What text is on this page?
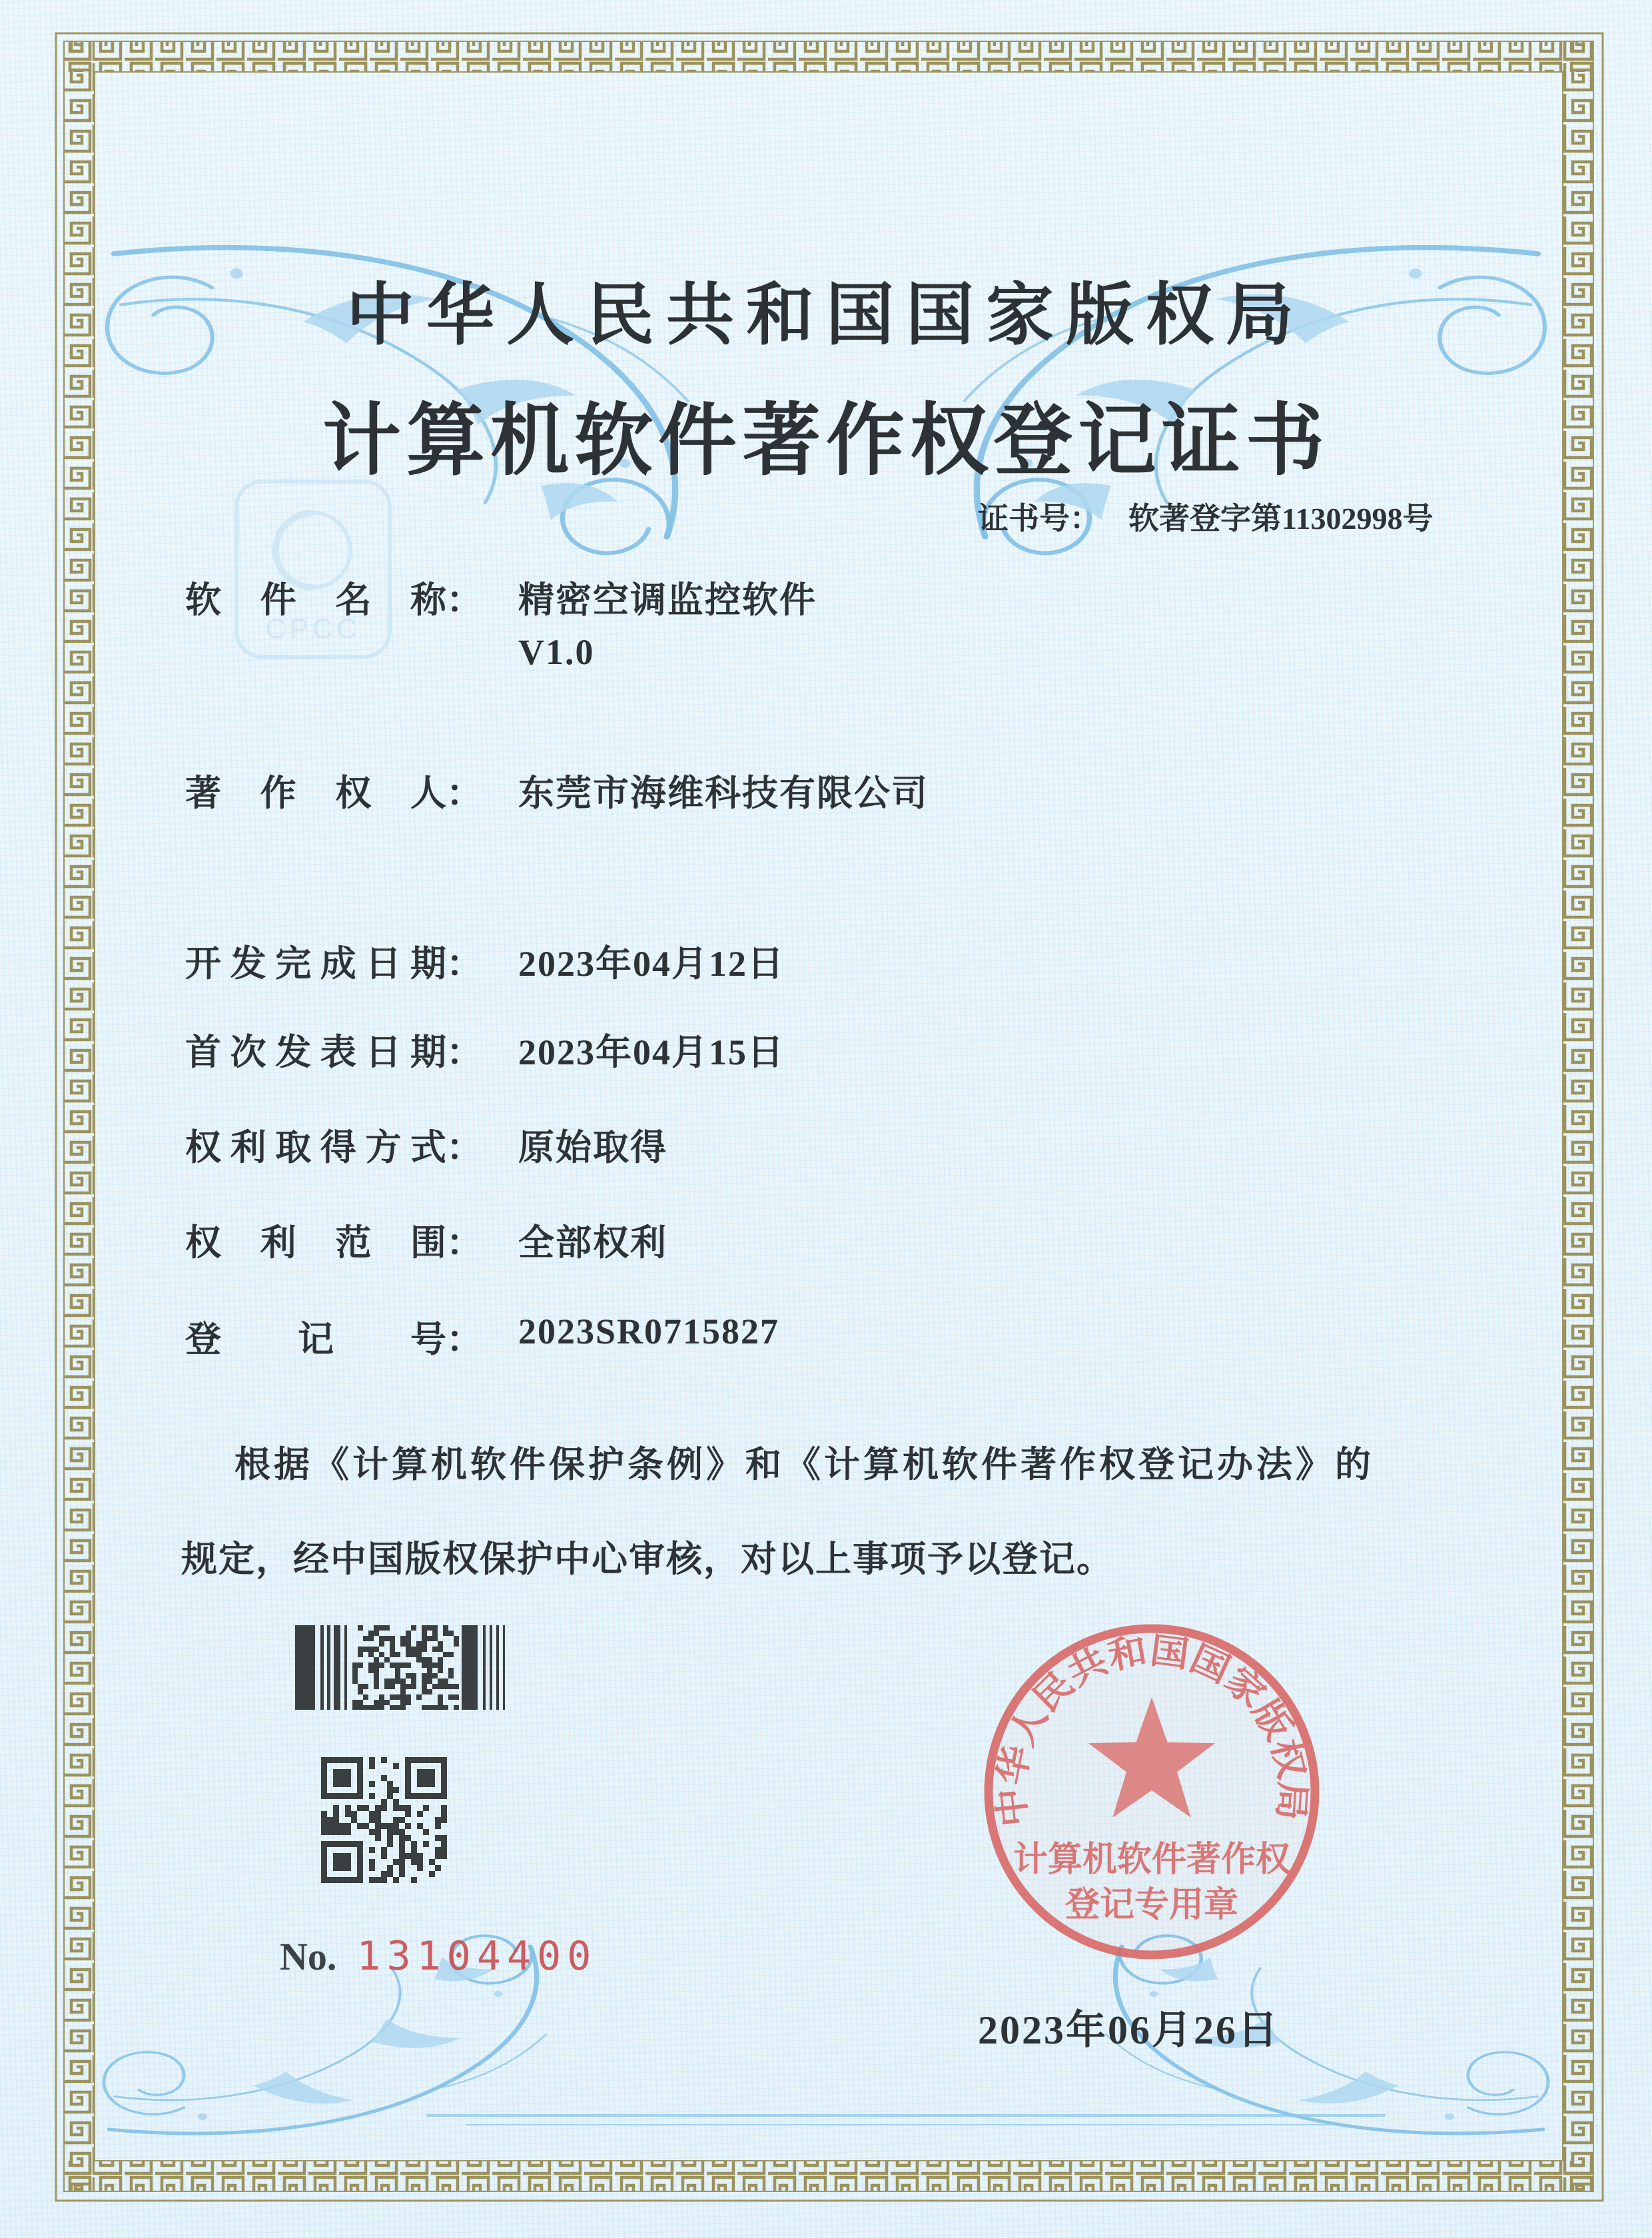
CPCC
中华人民共和国国家版权局
计算机软件著作权登记证书
证书号： 软著登字第11302998号
软件名称： 精密空调监控软件
V1.0
著作权人： 东莞市海维科技有限公司
开发完成日期： 2023年04月12日
首次发表日期： 2023年04月15日
权利取得方式： 原始取得
权利范围： 全部权利
登记号： 2023SR0715827
根据《计算机软件保护条例》和《计算机软件著作权登记办法》的
规定，经中国版权保护中心审核，对以上事项予以登记。
中华人民共和国国家版权局
计算机软件著作权
登记专用章
No. 13104400
2023年06月26日
